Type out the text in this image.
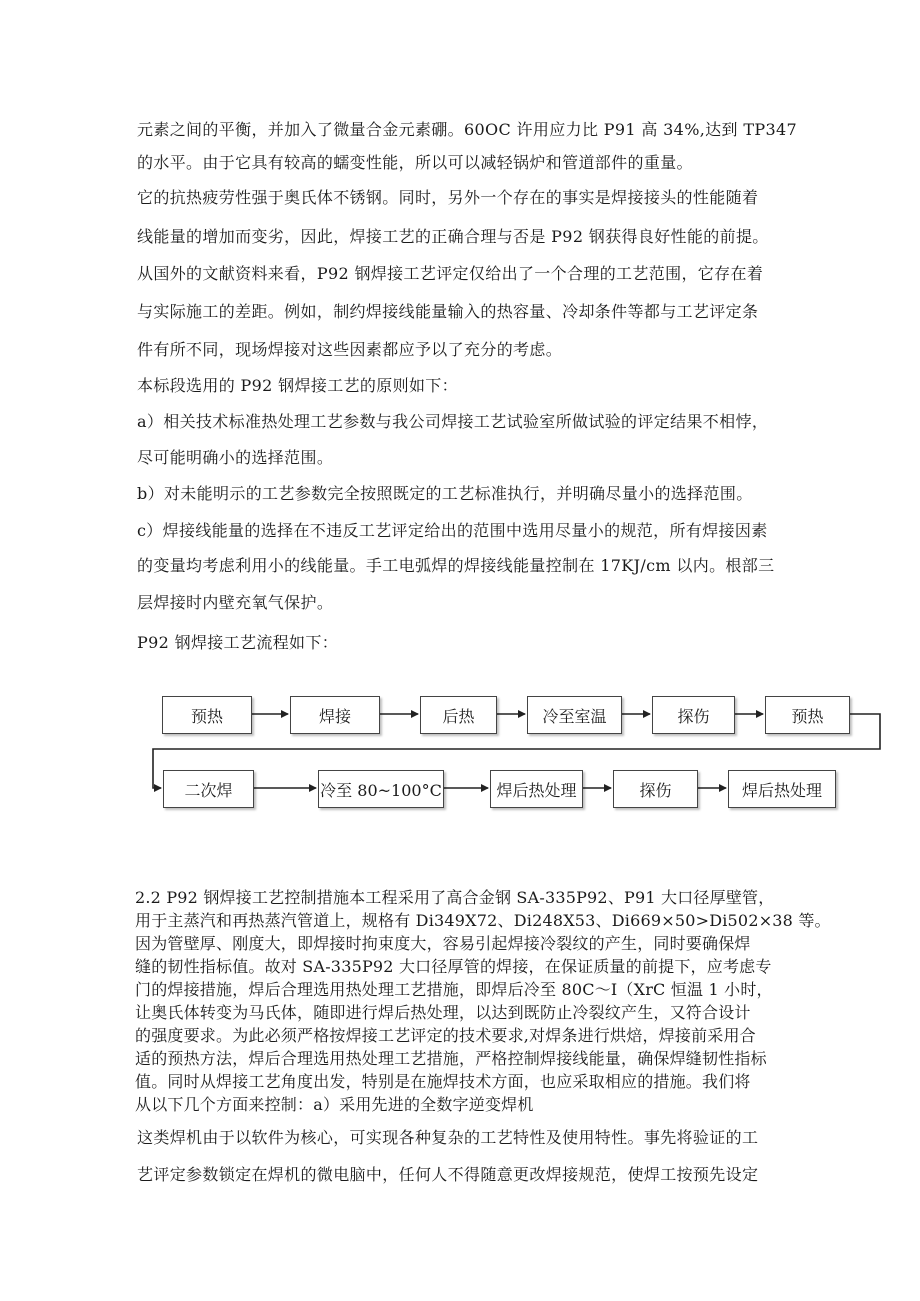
元素之间的平衡，并加入了微量合金元素硼。60OC 许用应力比 P91 高 34%,达到 TP347
的水平。由于它具有较高的蠕变性能，所以可以减轻锅炉和管道部件的重量。
它的抗热疲劳性强于奥氏体不锈钢。同时，另外一个存在的事实是焊接接头的性能随着
线能量的增加而变劣，因此，焊接工艺的正确合理与否是 P92 钢获得良好性能的前提。
从国外的文献资料来看，P92 钢焊接工艺评定仅给出了一个合理的工艺范围，它存在着
与实际施工的差距。例如，制约焊接线能量输入的热容量、冷却条件等都与工艺评定条
件有所不同，现场焊接对这些因素都应予以了充分的考虑。
本标段选用的 P92 钢焊接工艺的原则如下：
a）相关技术标准热处理工艺参数与我公司焊接工艺试验室所做试验的评定结果不相悖，
尽可能明确小的选择范围。
b）对未能明示的工艺参数完全按照既定的工艺标准执行，并明确尽量小的选择范围。
c）焊接线能量的选择在不违反工艺评定给出的范围中选用尽量小的规范，所有焊接因素
的变量均考虑利用小的线能量。手工电弧焊的焊接线能量控制在 17KJ∕cm 以内。根部三
层焊接时内壁充氧气保护。
P92 钢焊接工艺流程如下：
预热	焊接	后热	冷至室温	探伤	预热
二次焊	冷至 80~100°C	焊后热处理	探伤	焊后热处理
2.2 P92 钢焊接工艺控制措施本工程采用了高合金钢 SA-335P92、P91 大口径厚壁管，
用于主蒸汽和再热蒸汽管道上，规格有 Di349X72、Di248X53、Di669×50>Di502×38 等。
因为管壁厚、刚度大，即焊接时拘束度大，容易引起焊接冷裂纹的产生，同时要确保焊
缝的韧性指标值。故对 SA-335P92 大口径厚管的焊接，在保证质量的前提下，应考虑专
门的焊接措施，焊后合理选用热处理工艺措施，即焊后冷至 80C～I（XrC 恒温 1 小时，
让奥氏体转变为马氏体，随即进行焊后热处理，以达到既防止冷裂纹产生，又符合设计
的强度要求。为此必须严格按焊接工艺评定的技术要求,对焊条进行烘焙，焊接前采用合
适的预热方法，焊后合理选用热处理工艺措施，严格控制焊接线能量，确保焊缝韧性指标
值。同时从焊接工艺角度出发，特别是在施焊技术方面，也应采取相应的措施。我们将
从以下几个方面来控制：a）采用先进的全数字逆变焊机
这类焊机由于以软件为核心，可实现各种复杂的工艺特性及使用特性。事先将验证的工
艺评定参数锁定在焊机的微电脑中，任何人不得随意更改焊接规范，使焊工按预先设定
